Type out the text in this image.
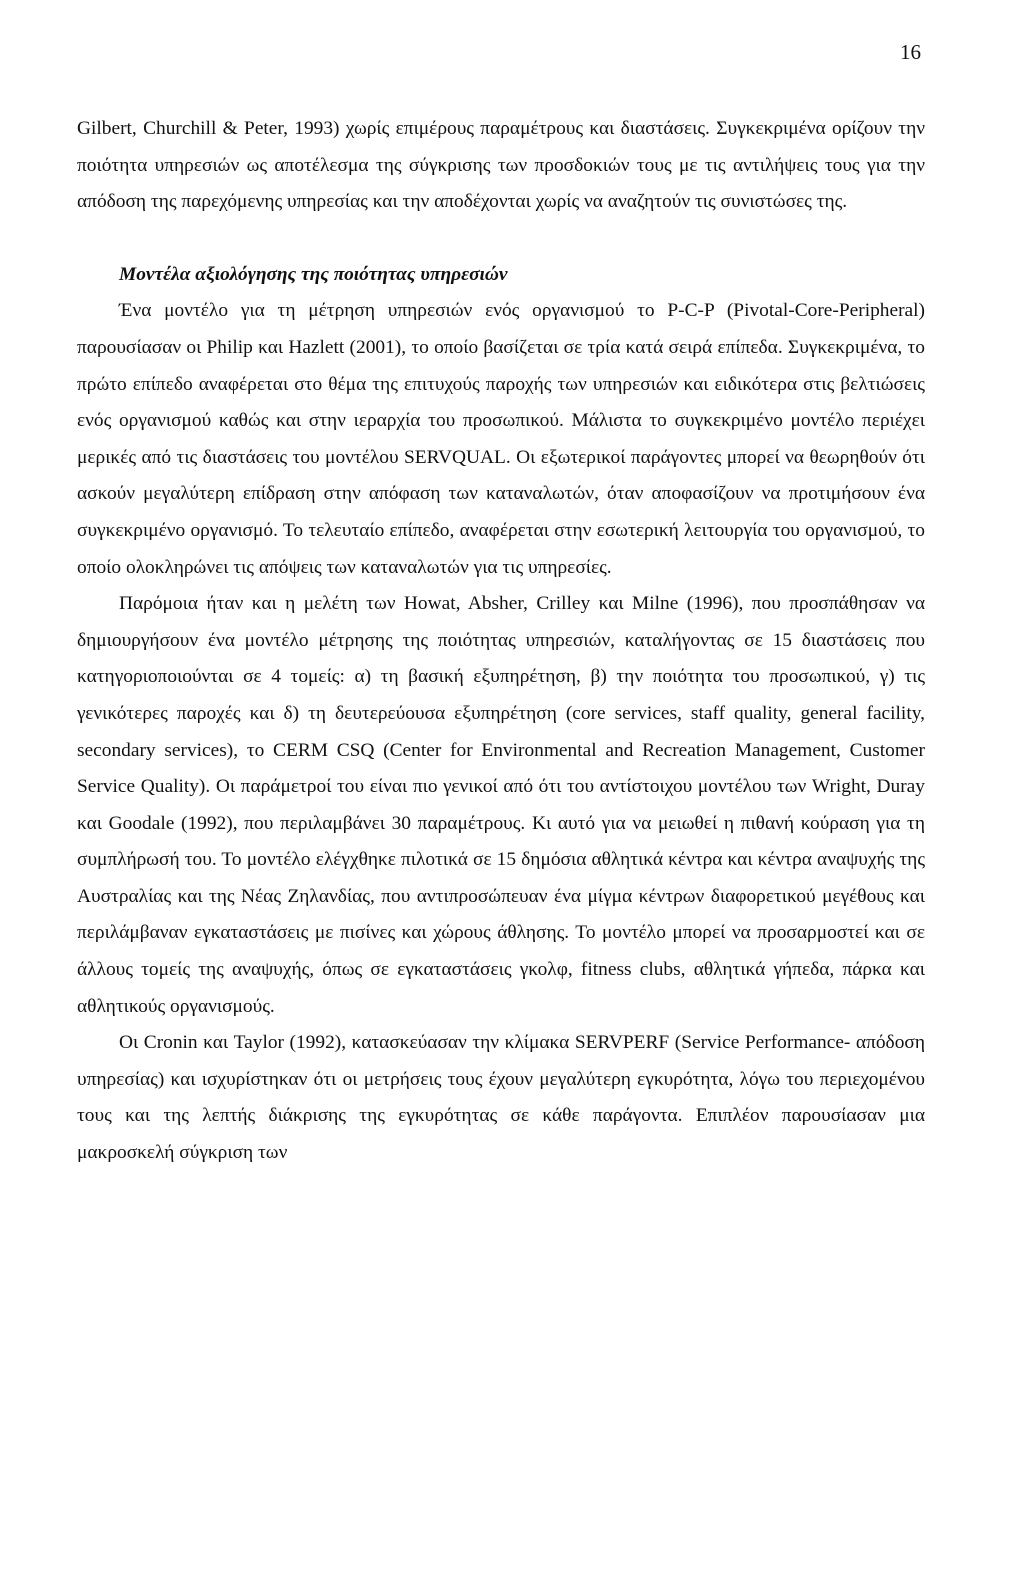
16

Gilbert, Churchill & Peter, 1993) χωρίς επιμέρους παραμέτρους και διαστάσεις. Συγκεκριμένα ορίζουν την ποιότητα υπηρεσιών ως αποτέλεσμα της σύγκρισης των προσδοκιών τους με τις αντιλήψεις τους για την απόδοση της παρεχόμενης υπηρεσίας και την αποδέχονται χωρίς να αναζητούν τις συνιστώσες της.

Μοντέλα αξιολόγησης της ποιότητας υπηρεσιών

Ένα μοντέλο για τη μέτρηση υπηρεσιών ενός οργανισμού το P-C-P (Pivotal-Core-Peripheral) παρουσίασαν οι Philip και Hazlett (2001), το οποίο βασίζεται σε τρία κατά σειρά επίπεδα. Συγκεκριμένα, το πρώτο επίπεδο αναφέρεται στο θέμα της επιτυχούς παροχής των υπηρεσιών και ειδικότερα στις βελτιώσεις ενός οργανισμού καθώς και στην ιεραρχία του προσωπικού. Μάλιστα το συγκεκριμένο μοντέλο περιέχει μερικές από τις διαστάσεις του μοντέλου SERVQUAL. Οι εξωτερικοί παράγοντες μπορεί να θεωρηθούν ότι ασκούν μεγαλύτερη επίδραση στην απόφαση των καταναλωτών, όταν αποφασίζουν να προτιμήσουν ένα συγκεκριμένο οργανισμό. Το τελευταίο επίπεδο, αναφέρεται στην εσωτερική λειτουργία του οργανισμού, το οποίο ολοκληρώνει τις απόψεις των καταναλωτών για τις υπηρεσίες.

Παρόμοια ήταν και η μελέτη των Howat, Absher, Crilley και Milne (1996), που προσπάθησαν να δημιουργήσουν ένα μοντέλο μέτρησης της ποιότητας υπηρεσιών, καταλήγοντας σε 15 διαστάσεις που κατηγοριοποιούνται σε 4 τομείς: α) τη βασική εξυπηρέτηση, β) την ποιότητα του προσωπικού, γ) τις γενικότερες παροχές και δ) τη δευτερεύουσα εξυπηρέτηση (core services, staff quality, general facility, secondary services), το CERM CSQ (Center for Environmental and Recreation Management, Customer Service Quality). Οι παράμετροί του είναι πιο γενικοί από ότι του αντίστοιχου μοντέλου των Wright, Duray και Goodale (1992), που περιλαμβάνει 30 παραμέτρους. Κι αυτό για να μειωθεί η πιθανή κούραση για τη συμπλήρωσή του. Το μοντέλο ελέγχθηκε πιλοτικά σε 15 δημόσια αθλητικά κέντρα και κέντρα αναψυχής της Αυστραλίας και της Νέας Ζηλανδίας, που αντιπροσώπευαν ένα μίγμα κέντρων διαφορετικού μεγέθους και περιλάμβαναν εγκαταστάσεις με πισίνες και χώρους άθλησης. Το μοντέλο μπορεί να προσαρμοστεί και σε άλλους τομείς της αναψυχής, όπως σε εγκαταστάσεις γκολφ, fitness clubs, αθλητικά γήπεδα, πάρκα και αθλητικούς οργανισμούς.

Οι Cronin και Taylor (1992), κατασκεύασαν την κλίμακα SERVPERF (Service Performance- απόδοση υπηρεσίας) και ισχυρίστηκαν ότι οι μετρήσεις τους έχουν μεγαλύτερη εγκυρότητα, λόγω του περιεχομένου τους και της λεπτής διάκρισης της εγκυρότητας σε κάθε παράγοντα. Επιπλέον παρουσίασαν μια μακροσκελή σύγκριση των
